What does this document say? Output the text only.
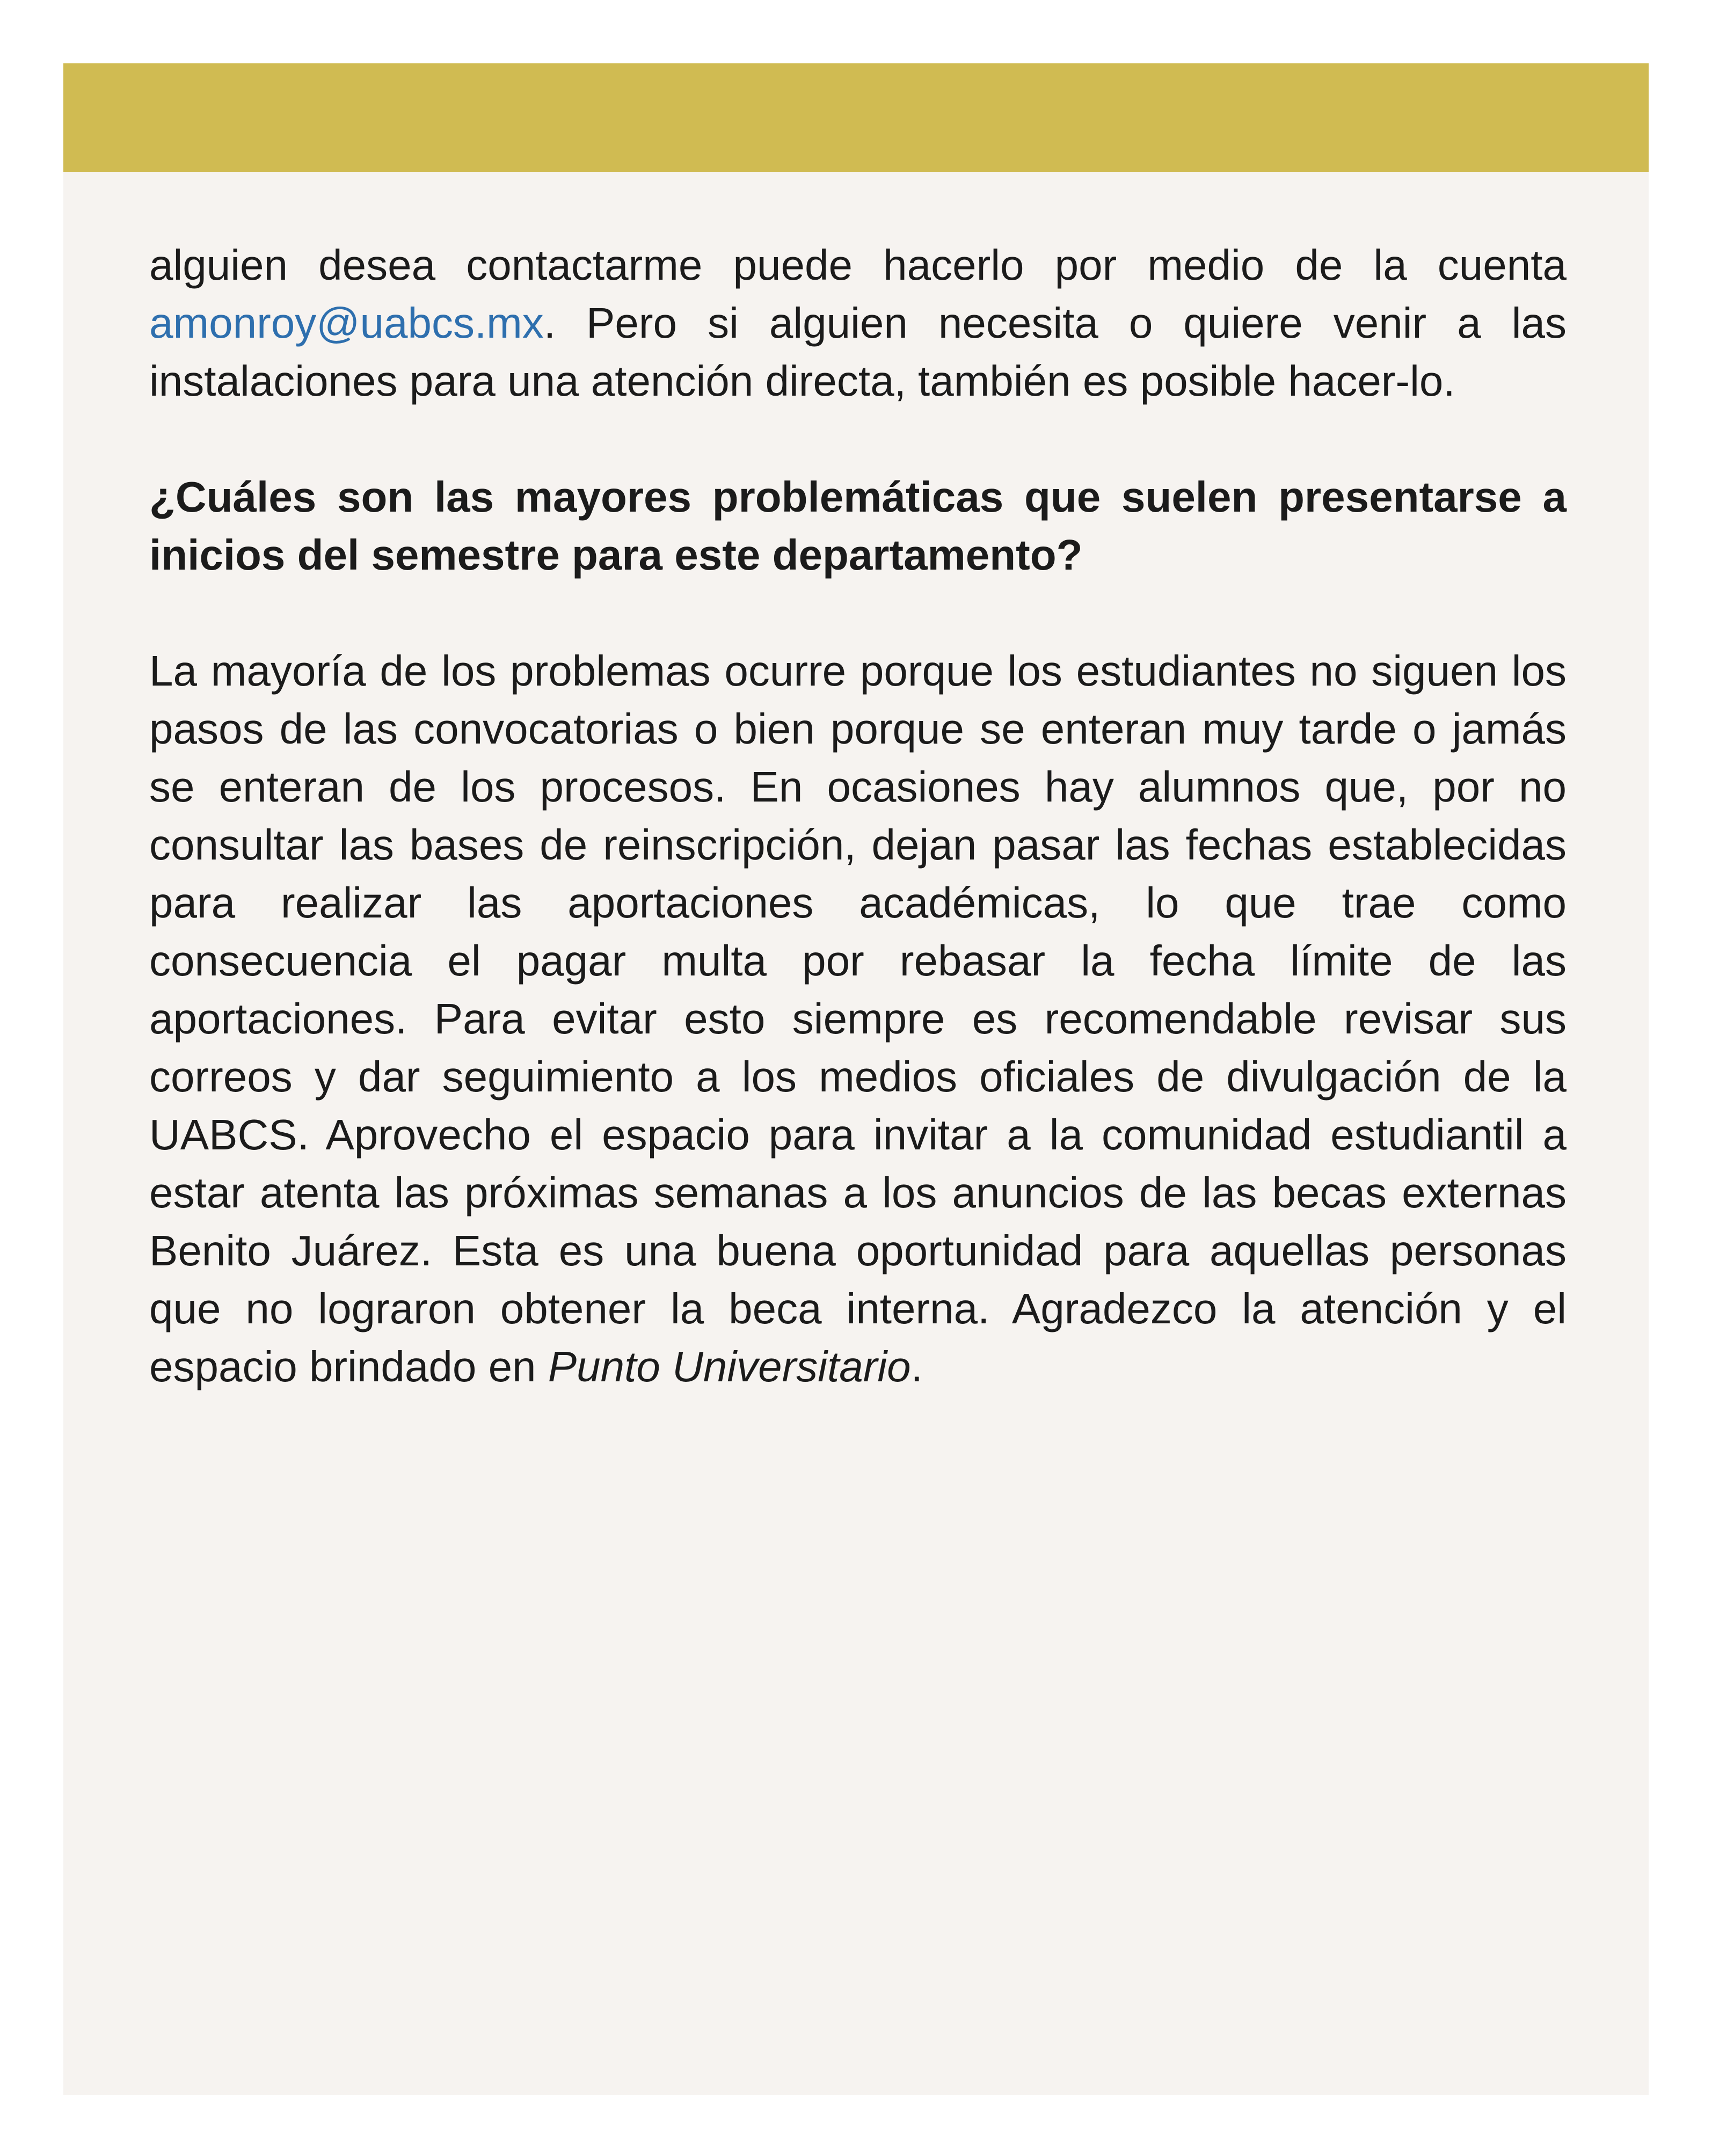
alguien desea contactarme puede hacerlo por medio de la cuenta amonroy@uabcs.mx. Pero si alguien necesita o quiere venir a las instalaciones para una atención directa, también es posible hacer-lo.

¿Cuáles son las mayores problemáticas que suelen presentarse a inicios del semestre para este departamento?

La mayoría de los problemas ocurre porque los estudiantes no siguen los pasos de las convocatorias o bien porque se enteran muy tarde o jamás se enteran de los procesos. En ocasiones hay alumnos que, por no consultar las bases de reinscripción, dejan pasar las fechas establecidas para realizar las aportaciones académicas, lo que trae como consecuencia el pagar multa por rebasar la fecha límite de las aportaciones. Para evitar esto siempre es recomendable revisar sus correos y dar seguimiento a los medios oficiales de divulgación de la UABCS. Aprovecho el espacio para invitar a la comunidad estudiantil a estar atenta las próximas semanas a los anuncios de las becas externas Benito Juárez. Esta es una buena oportunidad para aquellas personas que no lograron obtener la beca interna. Agradezco la atención y el espacio brindado en Punto Universitario.
